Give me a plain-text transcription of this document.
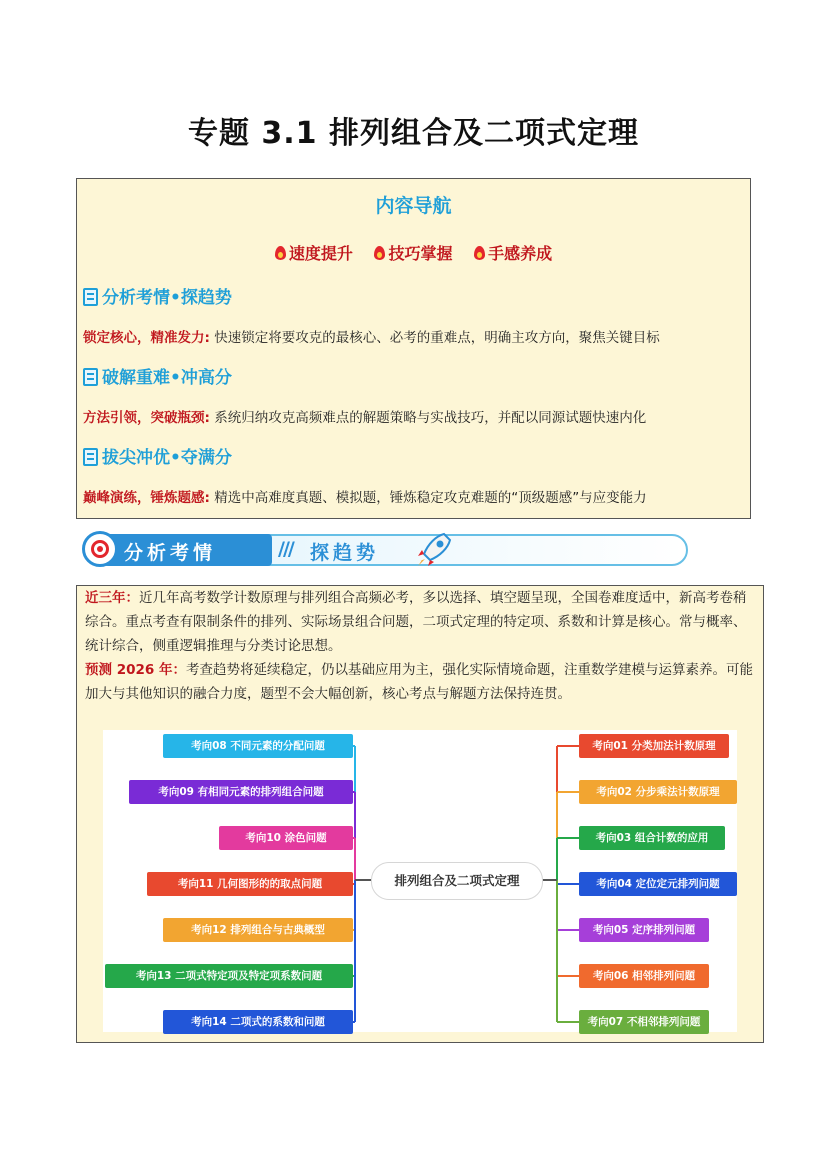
专题 3.1 排列组合及二项式定理
内容导航
速度提升 技巧掌握 手感养成
分析考情•探趋势
锁定核心，精准发力: 快速锁定将要攻克的最核心、必考的重难点，明确主攻方向，聚焦关键目标
破解重难•冲高分
方法引领，突破瓶颈: 系统归纳攻克高频难点的解题策略与实战技巧，并配以同源试题快速内化
拔尖冲优•夺满分
巅峰演练，锤炼题感: 精选中高难度真题、模拟题，锤炼稳定攻克难题的“顶级题感”与应变能力
分析考情	/// 探趋势
近三年：近几年高考数学计数原理与排列组合高频必考，多以选择、填空题呈现，全国卷难度适中，新高考卷稍综合。重点考查有限制条件的排列、实际场景组合问题，二项式定理的特定项、系数和计算是核心。常与概率、统计综合，侧重逻辑推理与分类讨论思想。
预测 2026 年：考查趋势将延续稳定，仍以基础应用为主，强化实际情境命题，注重数学建模与运算素养。可能加大与其他知识的融合力度，题型不会大幅创新，核心考点与解题方法保持连贯。
排列组合及二项式定理
考向08 不同元素的分配问题
考向09 有相同元素的排列组合问题
考向10 涂色问题
考向11 几何图形的的取点问题
考向12 排列组合与古典概型
考向13 二项式特定项及特定项系数问题
考向14 二项式的系数和问题
考向01 分类加法计数原理
考向02 分步乘法计数原理
考向03 组合计数的应用
考向04 定位定元排列问题
考向05 定序排列问题
考向06 相邻排列问题
考向07 不相邻排列问题
